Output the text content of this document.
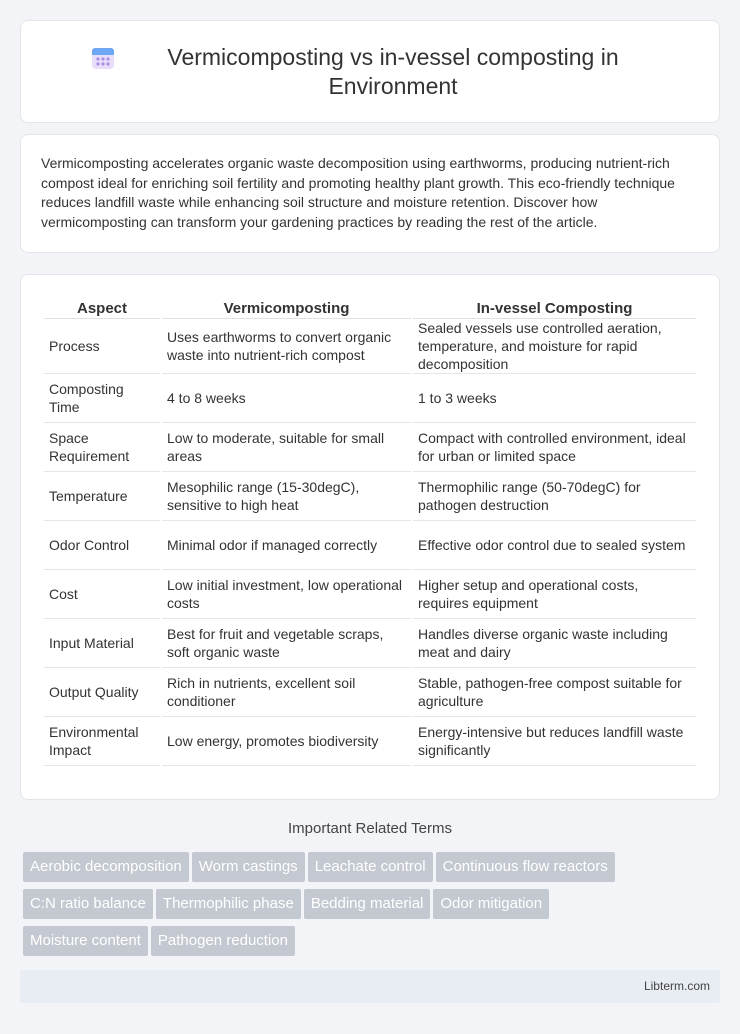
Vermicomposting vs in-vessel composting in Environment

Vermicomposting accelerates organic waste decomposition using earthworms, producing nutrient-rich compost ideal for enriching soil fertility and promoting healthy plant growth. This eco-friendly technique reduces landfill waste while enhancing soil structure and moisture retention. Discover how vermicomposting can transform your gardening practices by reading the rest of the article.

Aspect	Vermicomposting	In-vessel Composting
Process	Uses earthworms to convert organic waste into nutrient-rich compost	Sealed vessels use controlled aeration, temperature, and moisture for rapid decomposition
Composting Time	4 to 8 weeks	1 to 3 weeks
Space Requirement	Low to moderate, suitable for small areas	Compact with controlled environment, ideal for urban or limited space
Temperature	Mesophilic range (15-30degC), sensitive to high heat	Thermophilic range (50-70degC) for pathogen destruction
Odor Control	Minimal odor if managed correctly	Effective odor control due to sealed system
Cost	Low initial investment, low operational costs	Higher setup and operational costs, requires equipment
Input Material	Best for fruit and vegetable scraps, soft organic waste	Handles diverse organic waste including meat and dairy
Output Quality	Rich in nutrients, excellent soil conditioner	Stable, pathogen-free compost suitable for agriculture
Environmental Impact	Low energy, promotes biodiversity	Energy-intensive but reduces landfill waste significantly
Important Related Terms
Aerobic decomposition Worm castings Leachate control Continuous flow reactors
C:N ratio balance Thermophilic phase Bedding material Odor mitigation
Moisture content Pathogen reduction
Libterm.com
